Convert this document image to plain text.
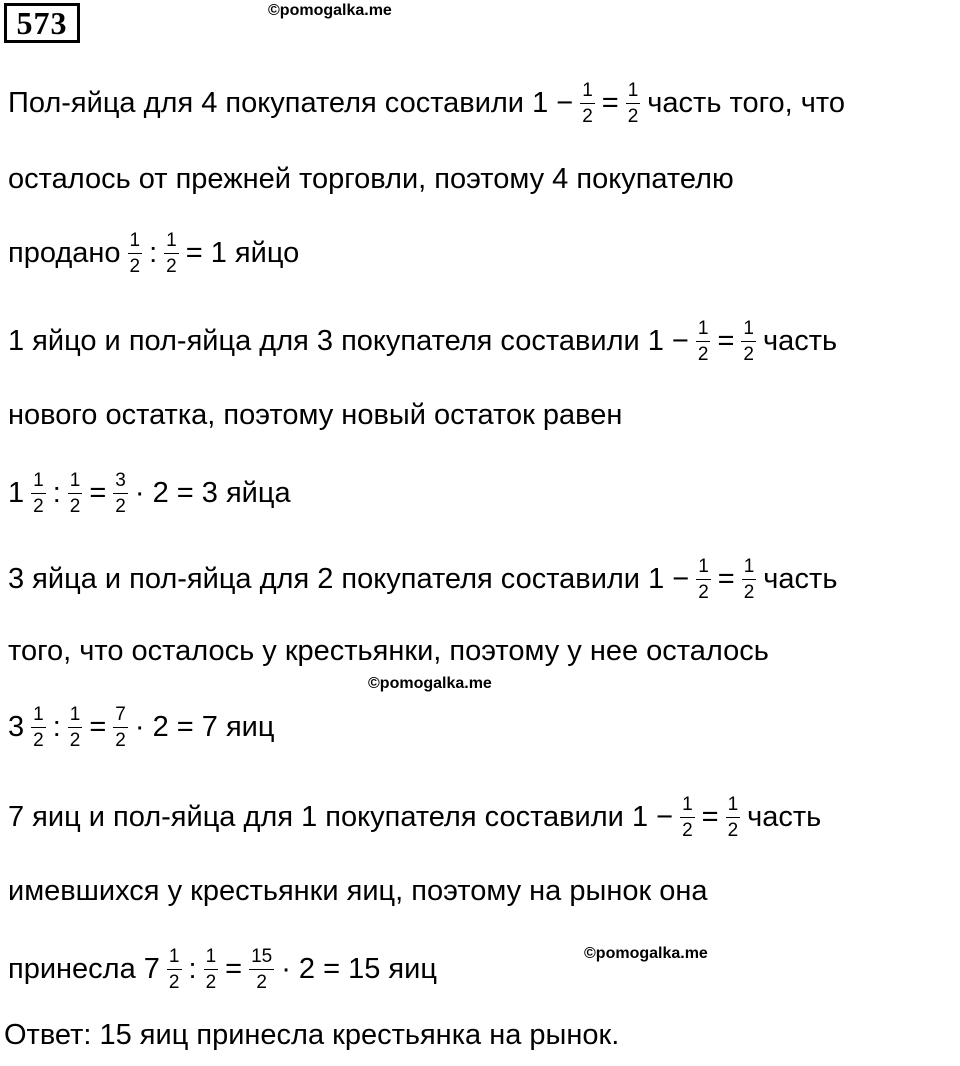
573	©pomogalka.me
©pomogalka.me
©pomogalka.me
Пол-яйца для 4 покупателя составили $1 - \frac{1}{2} = \frac{1}{2}$ часть того, что
осталось от прежней торговли, поэтому 4 покупателю
продано $\frac{1}{2}$ : $\frac{1}{2} = 1$ яйцо
1 яйцо и пол-яйца для 3 покупателя составили $1 - \frac{1}{2} = \frac{1}{2}$ часть
нового остатка, поэтому новый остаток равен
$1 \frac{1}{2}$ : $\frac{1}{2} = \frac{3}{2} \cdot 2 = 3$ яйца
3 яйца и пол-яйца для 2 покупателя составили $1 - \frac{1}{2} = \frac{1}{2}$ часть
того, что осталось у крестьянки, поэтому у нее осталось
$3 \frac{1}{2}$ : $\frac{1}{2} = \frac{7}{2} \cdot 2 = 7$ яиц
7 яиц и пол-яйца для 1 покупателя составили $1 - \frac{1}{2} = \frac{1}{2}$ часть
имевшихся у крестьянки яиц, поэтому на рынок она
принесла $7 \frac{1}{2}$ : $\frac{1}{2} = \frac{15}{2} \cdot 2 = 15$ яиц
Ответ: 15 яиц принесла крестьянка на рынок.
